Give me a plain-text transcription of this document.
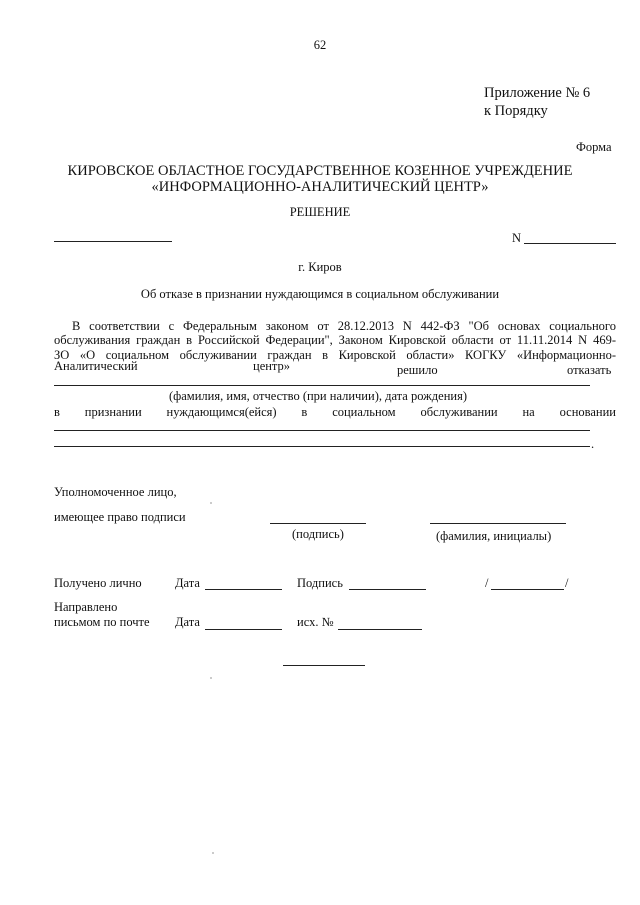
62
Приложение № 6
к Порядку
Форма
КИРОВСКОЕ ОБЛАСТНОЕ ГОСУДАРСТВЕННОЕ КОЗЕННОЕ УЧРЕЖДЕНИЕ
«ИНФОРМАЦИОННО-АНАЛИТИЧЕСКИЙ ЦЕНТР»
РЕШЕНИЕ
N
г. Киров
Об отказе в признании нуждающимся в социальном обслуживании
В соответствии с Федеральным законом от 28.12.2013 N 442-ФЗ "Об основах социального
обслуживания граждан в Российской Федерации", Законом Кировской области от 11.11.2014 N 469-
ЗО «О социальном обслуживании граждан в Кировской области» КОГКУ «Информационно-
Аналитический	центр»	решило	отказать
(фамилия, имя, отчество (при наличии), дата рождения)
в признании нуждающимся(ейся) в социальном обслуживании на основании
.
Уполномоченное лицо,
имеющее право подписи
(подпись)	(фамилия, инициалы)
Получено лично	Дата	Подпись	/	/
Направлено
письмом по почте Дата	исх. №
